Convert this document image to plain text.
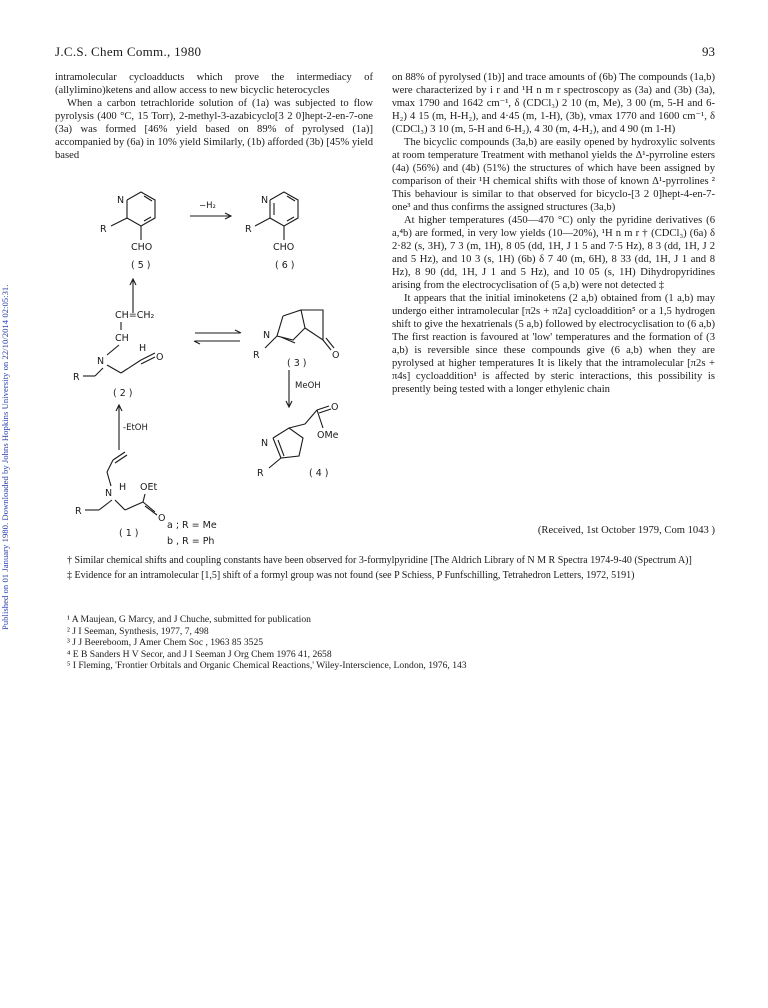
Published on 01 January 1980. Downloaded by Johns Hopkins University on 22/10/2014 02:05:31.
J.C.S. Chem Comm., 1980	93

intramolecular cycloadducts which prove the intermediacy of (allylimino)ketens and allow access to new bicyclic heterocycles

When a carbon tetrachloride solution of (1a) was subjected to flow pyrolysis (400 °C, 15 Torr), 2-methyl-3-azabicyclo[3 2 0]hept-2-en-7-one (3a) was formed [46% yield based on 89% of pyrolysed (1a)] accompanied by (6a) in 10% yield Similarly, (1b) afforded (3b) [45% yield based

on 88% of pyrolysed (1b)] and trace amounts of (6b) The compounds (1a,b) were characterized by i r and ¹H n m r spectroscopy as (3a) and (3b) (3a), νmax 1790 and 1642 cm⁻¹, δ (CDCl₃) 2 10 (m, Me), 3 00 (m, 5-H and 6-H₂) 4 15 (m, H-H₂), and 4·45 (m, 1-H), (3b), νmax 1770 and 1600 cm⁻¹, δ (CDCl₃) 3 10 (m, 5-H and 6-H₂), 4 30 (m, 4-H₂), and 4 90 (m 1-H)

The bicyclic compounds (3a,b) are easily opened by hydroxylic solvents at room temperature Treatment with methanol yields the Δ¹-pyrroline esters (4a) (56%) and (4b) (51%) the structures of which have been assigned by comparison of their ¹H chemical shifts with those of known Δ¹-pyrrolines ² This behaviour is similar to that observed for bicyclo-[3 2 0]hept-4-en-7-one³ and thus confirms the assigned structures (3a,b)

At higher temperatures (450—470 °C) only the pyridine derivatives (6 a,⁴b) are formed, in very low yields (10—20%), ¹H n m r † (CDCl₃) (6a) δ 2·82 (s, 3H), 7 3 (m, 1H), 8 05 (dd, 1H, J 1 5 and 7·5 Hz), 8 3 (dd, 1H, J 2 and 5 Hz), and 10 3 (s, 1H) (6b) δ 7 40 (m, 6H), 8 33 (dd, 1H, J 1 and 8 Hz), 8 90 (dd, 1H, J 1 and 5 Hz), and 10 05 (s, 1H) Dihydropyridines arising from the electrocyclisation of (5 a,b) were not detected ‡

It appears that the initial iminoketens (2 a,b) obtained from (1 a,b) may undergo either intramolecular [π2s + π2a] cycloaddition⁵ or a 1,5 hydrogen shift to give the hexatrienals (5 a,b) followed by electrocyclisation to (6 a,b) The first reaction is favoured at 'low' temperatures and the formation of (3 a,b) is reversible since these compounds give (6 a,b) when they are pyrolysed at higher temperatures It is likely that the intramolecular [π2s + π4s] cycloaddition¹ is affected by steric interactions, this possibility is presently being tested with a longer ethylenic chain

N
R
CHO
( 5 )
−H₂	N
R
CHO
( 6 )
CH=CH₂
CH
H
N	O
R
( 2 )
O
N
R
( 3 )
MeOH
O
OMe
N
R	( 4 )
-EtOH
N
H OEt
R
O
( 1 )
a ; R = Me
b , R = Ph
(Received, 1st October 1979, Com 1043 )

† Similar chemical shifts and coupling constants have been observed for 3-formylpyridine [The Aldrich Library of N M R Spectra 1974-9-40 (Spectrum A)]

‡ Evidence for an intramolecular [1,5] shift of a formyl group was not found (see P Schiess, P Funfschilling, Tetrahedron Letters, 1972, 5191)

¹ A Maujean, G Marcy, and J Chuche, submitted for publication

² J I Seeman, Synthesis, 1977, 7, 498

³ J J Beereboom, J Amer Chem Soc , 1963 85 3525

⁴ E B Sanders H V Secor, and J I Seeman J Org Chem 1976 41, 2658

⁵ I Fleming, 'Frontier Orbitals and Organic Chemical Reactions,' Wiley-Interscience, London, 1976, 143
